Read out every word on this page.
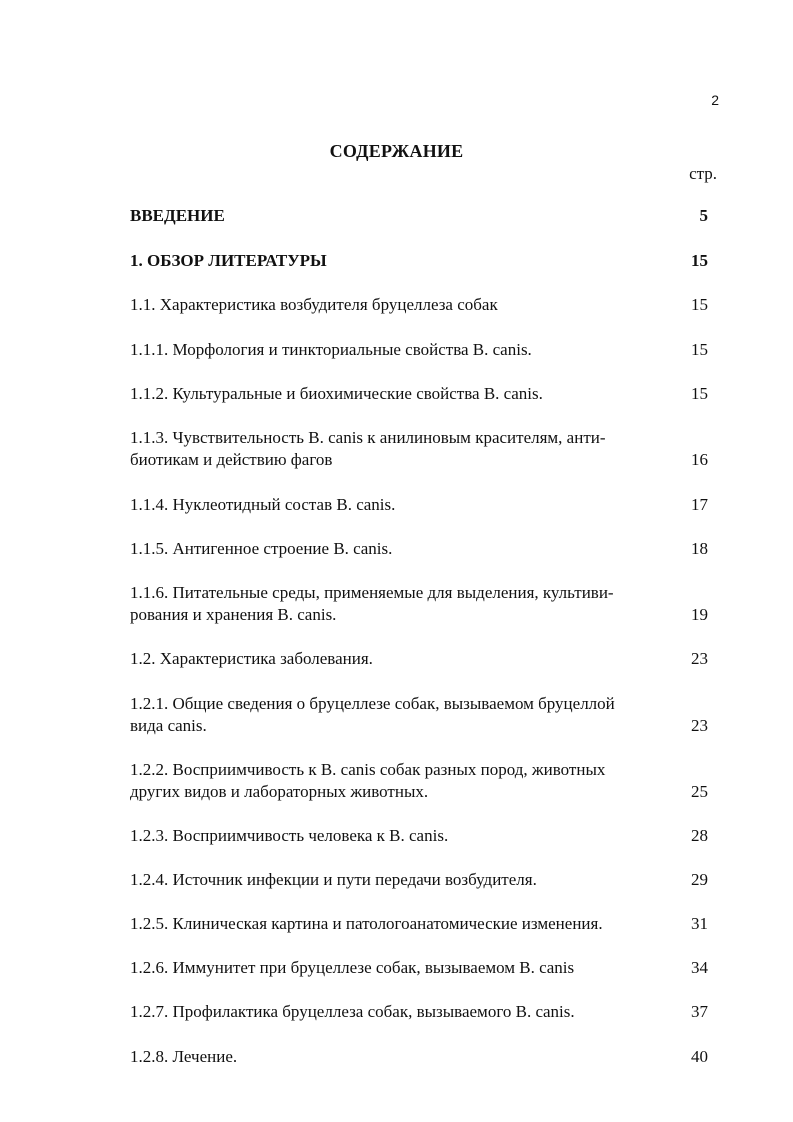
2
СОДЕРЖАНИЕ
стр.
ВВЕДЕНИЕ	5
1. ОБЗОР ЛИТЕРАТУРЫ	15
1.1. Характеристика возбудителя бруцеллеза собак	15
1.1.1. Морфология и тинкториальные свойства B. canis.	15
1.1.2. Культуральные и биохимические свойства B. canis.	15
1.1.3. Чувствительность B. canis к анилиновым красителям, анти-
биотикам и действию фагов	16
1.1.4. Нуклеотидный состав B. canis.	17
1.1.5. Антигенное строение B. canis.	18
1.1.6. Питательные среды, применяемые для выделения, культиви-
рования и хранения B. canis.	19
1.2. Характеристика заболевания.	23
1.2.1. Общие сведения о бруцеллезе собак, вызываемом бруцеллой
вида canis.	23
1.2.2. Восприимчивость к B. canis собак разных пород, животных
других видов и лабораторных животных.	25
1.2.3. Восприимчивость человека к B. canis.	28
1.2.4. Источник инфекции и пути передачи возбудителя.	29
1.2.5. Клиническая картина и патологоанатомические изменения.	31
1.2.6. Иммунитет при бруцеллезе собак, вызываемом B. canis	34
1.2.7. Профилактика бруцеллеза собак, вызываемого B. canis.	37
1.2.8. Лечение.	40
